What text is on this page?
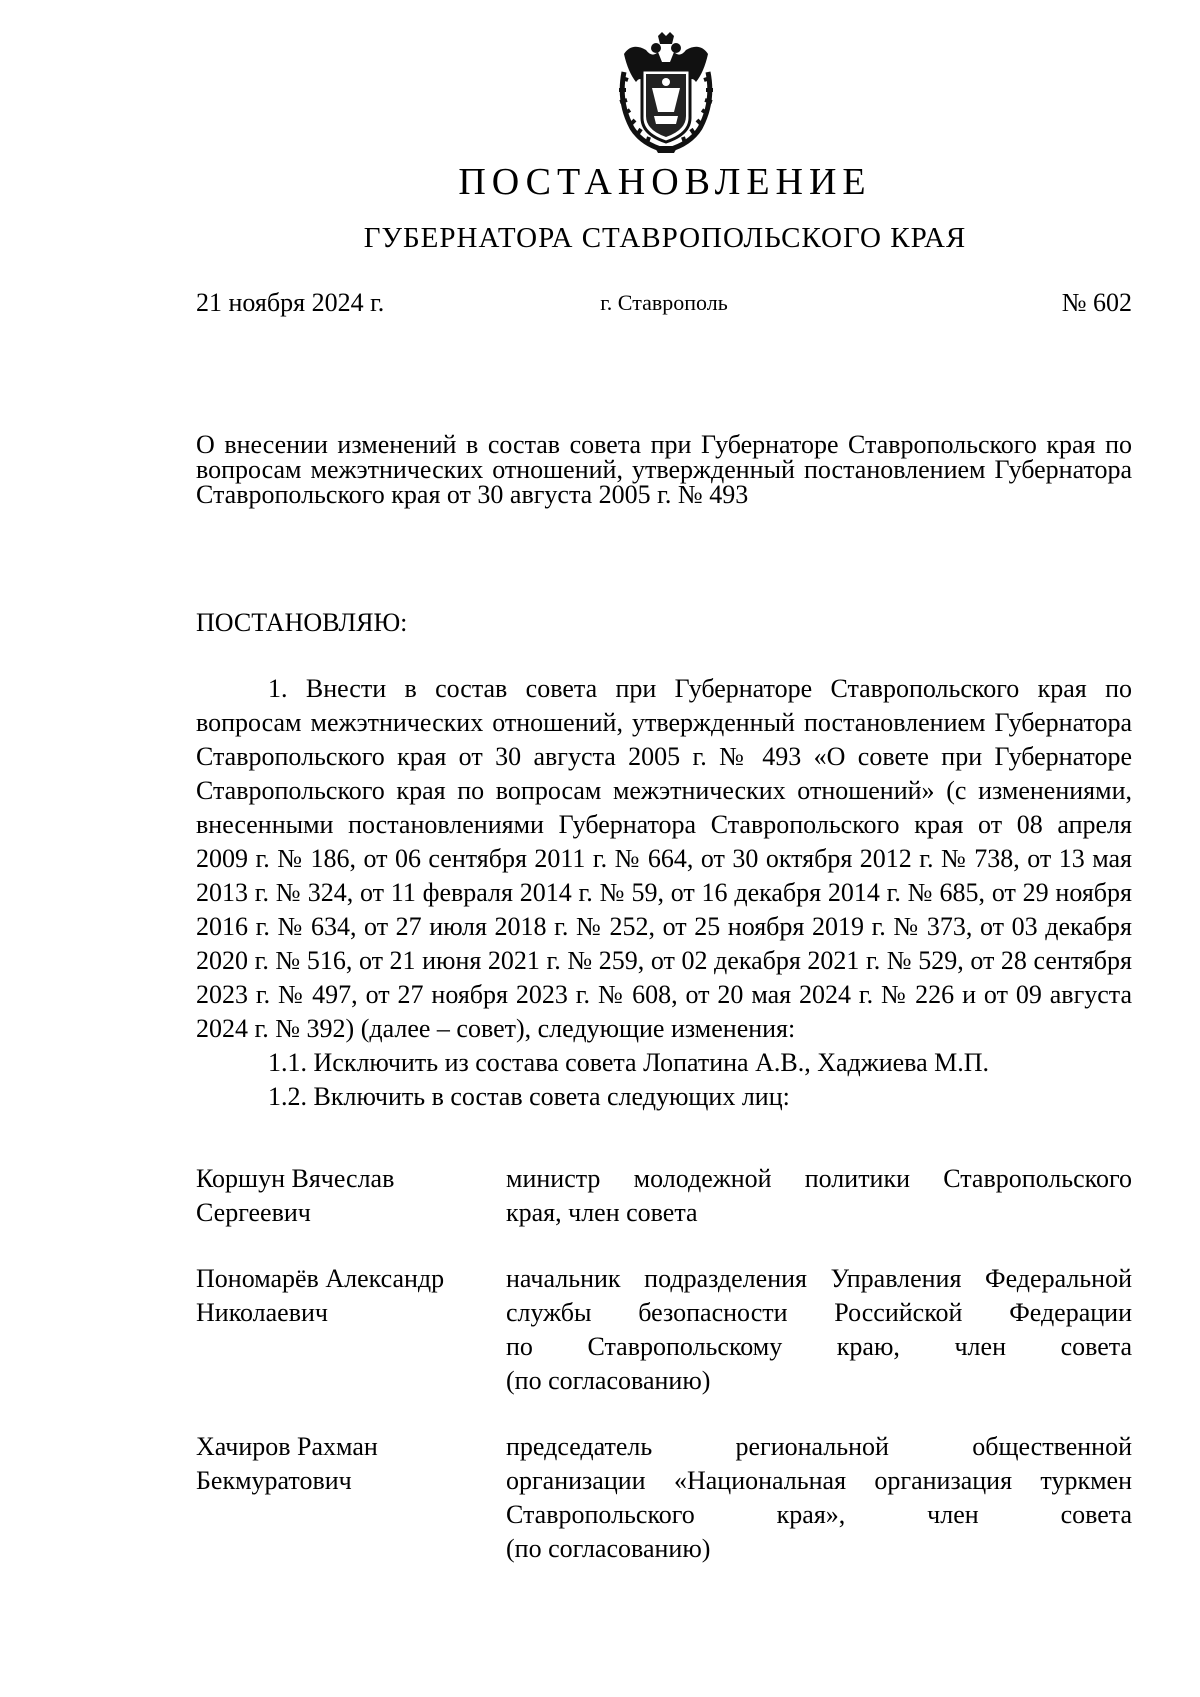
ПОСТАНОВЛЕНИЕ
ГУБЕРНАТОРА СТАВРОПОЛЬСКОГО КРАЯ
21 ноября 2024 г.	г. Ставрополь	№ 602
О внесении изменений в состав совета при Губернаторе Ставропольского края по вопросам межэтнических отношений, утвержденный постановлением Губернатора Ставропольского края от 30 августа 2005 г. № 493
ПОСТАНОВЛЯЮ:

1. Внести в состав совета при Губернаторе Ставропольского края по вопросам межэтнических отношений, утвержденный постановлением Губернатора Ставропольского края от 30 августа 2005 г. № 493 «О совете при Губернаторе Ставропольского края по вопросам межэтнических отношений» (с изменениями, внесенными постановлениями Губернатора Ставропольского края от 08 апреля 2009 г. № 186, от 06 сентября 2011 г. № 664, от 30 октября 2012 г. № 738, от 13 мая 2013 г. № 324, от 11 февраля 2014 г. № 59, от 16 декабря 2014 г. № 685, от 29 ноября 2016 г. № 634, от 27 июля 2018 г. № 252, от 25 ноября 2019 г. № 373, от 03 декабря 2020 г. № 516, от 21 июня 2021 г. № 259, от 02 декабря 2021 г. № 529, от 28 сентября 2023 г. № 497, от 27 ноября 2023 г. № 608, от 20 мая 2024 г. № 226 и от 09 августа 2024 г. № 392) (далее – совет), следующие изменения:

1.1. Исключить из состава совета Лопатина А.В., Хаджиева М.П.

1.2. Включить в состав совета следующих лиц:

Коршун Вячеслав
Сергеевич
министр молодежной политики Ставропольского
края, член совета
Пономарёв Александр
Николаевич
начальник подразделения Управления Федеральной
службы безопасности Российской Федерации
по Ставропольскому краю, член совета
(по согласованию)
Хачиров Рахман
Бекмуратович
председатель региональной общественной
организации «Национальная организация туркмен
Ставропольского края», член совета
(по согласованию)
